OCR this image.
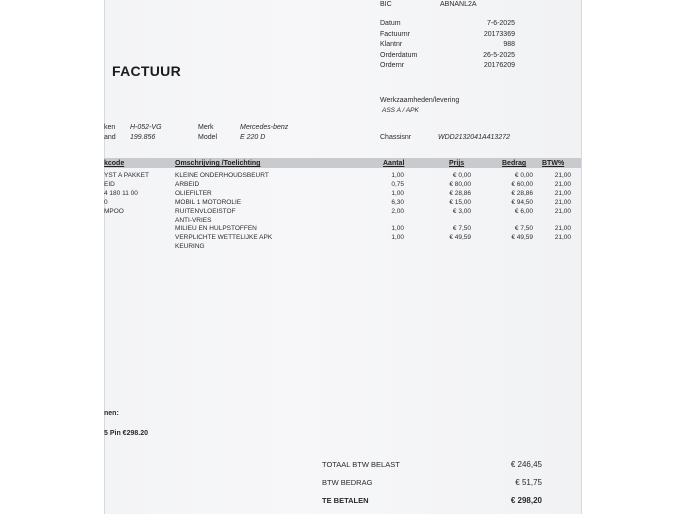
BIC	ABNANL2A
Datum	7-6-2025
Factuurnr	20173369
Klantnr	988
Orderdatum	26-5-2025
Ordernr	20176209
FACTUUR
Werkzaamheden/levering
ASS A / APK
ken H-052-VG
and 199.856
Merk	Mercedes-benz
Model	E 220 D	Chassisnr	WDD2132041A413272
kcode	Omschrijving /Toelichting	Aantal	Prijs	Bedrag BTW%
YST A PAKKET	KLEINE ONDERHOUDSBEURT	1,00	€ 0,00	€ 0,00	21,00
EID	ARBEID	0,75	€ 80,00	€ 60,00	21,00
4 180 11 00	OLIEFILTER	1,00	€ 28,86	€ 28,86	21,00
0	MOBIL 1 MOTOROLIE	6,30	€ 15,00	€ 94,50	21,00
MPOO	RUITENVLOEISTOF	2,00	€ 3,00	€ 6,00	21,00
ANTI-VRIES
MILIEU EN HULPSTOFFEN	1,00	€ 7,50	€ 7,50	21,00
VERPLICHTE WETTELIJKE APK	1,00	€ 49,59	€ 49,59	21,00
KEURING
nen:
5 Pin €298.20
TOTAAL BTW BELAST	€ 246,45
BTW BEDRAG	€ 51,75
TE BETALEN	€ 298,20
